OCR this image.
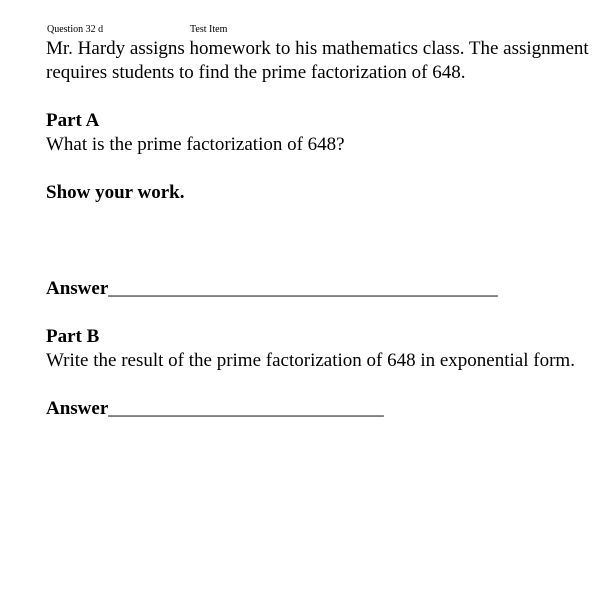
Question 32 d	Test Item

Mr. Hardy assigns homework to his mathematics class. The assignment requires students to find the prime factorization of 648.

Part A

What is the prime factorization of 648?

Show your work.

Answer_________________________________________

Part B

Write the result of the prime factorization of 648 in exponential form.

Answer_____________________________
